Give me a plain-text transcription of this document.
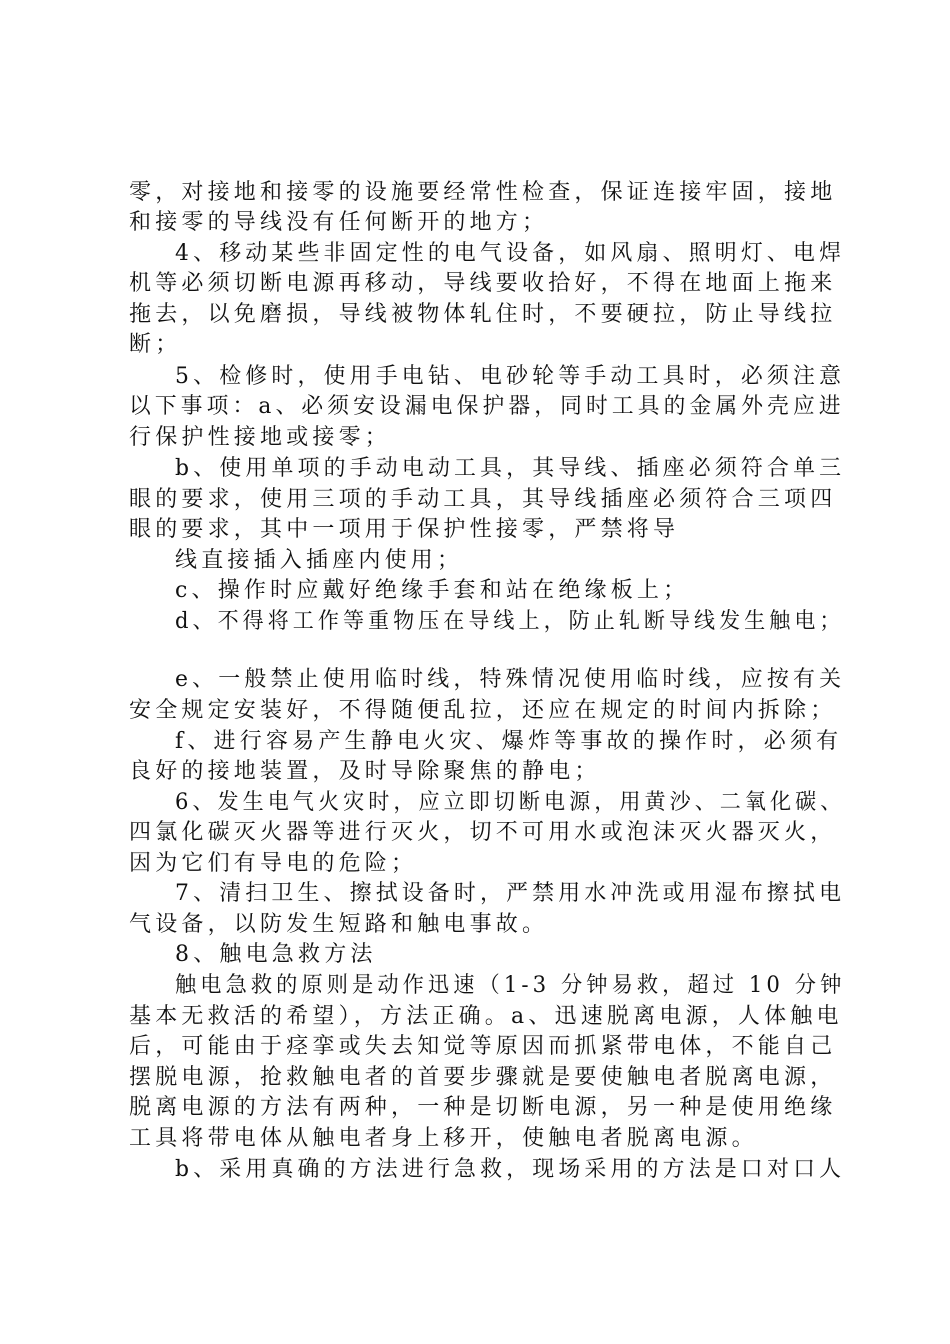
零，对接地和接零的设施要经常性检查，保证连接牢固，接地
和接零的导线没有任何断开的地方；
4、移动某些非固定性的电气设备，如风扇、照明灯、电焊
机等必须切断电源再移动，导线要收拾好，不得在地面上拖来
拖去，以免磨损，导线被物体轧住时，不要硬拉，防止导线拉
断；
5、检修时，使用手电钻、电砂轮等手动工具时，必须注意
以下事项：a、必须安设漏电保护器，同时工具的金属外壳应进
行保护性接地或接零；
b、使用单项的手动电动工具，其导线、插座必须符合单三
眼的要求，使用三项的手动工具，其导线插座必须符合三项四
眼的要求，其中一项用于保护性接零，严禁将导
线直接插入插座内使用；
c、操作时应戴好绝缘手套和站在绝缘板上；
d、不得将工作等重物压在导线上，防止轧断导线发生触电；
e、一般禁止使用临时线，特殊情况使用临时线，应按有关
安全规定安装好，不得随便乱拉，还应在规定的时间内拆除；
f、进行容易产生静电火灾、爆炸等事故的操作时，必须有
良好的接地装置，及时导除聚焦的静电；
6、发生电气火灾时，应立即切断电源，用黄沙、二氧化碳、
四氯化碳灭火器等进行灭火，切不可用水或泡沫灭火器灭火，
因为它们有导电的危险；
7、清扫卫生、擦拭设备时，严禁用水冲洗或用湿布擦拭电
气设备，以防发生短路和触电事故。
8、触电急救方法
触电急救的原则是动作迅速（1-3 分钟易救，超过 10 分钟
基本无救活的希望），方法正确。a、迅速脱离电源，人体触电
后，可能由于痉挛或失去知觉等原因而抓紧带电体，不能自己
摆脱电源，抢救触电者的首要步骤就是要使触电者脱离电源，
脱离电源的方法有两种，一种是切断电源，另一种是使用绝缘
工具将带电体从触电者身上移开，使触电者脱离电源。
b、采用真确的方法进行急救，现场采用的方法是口对口人
